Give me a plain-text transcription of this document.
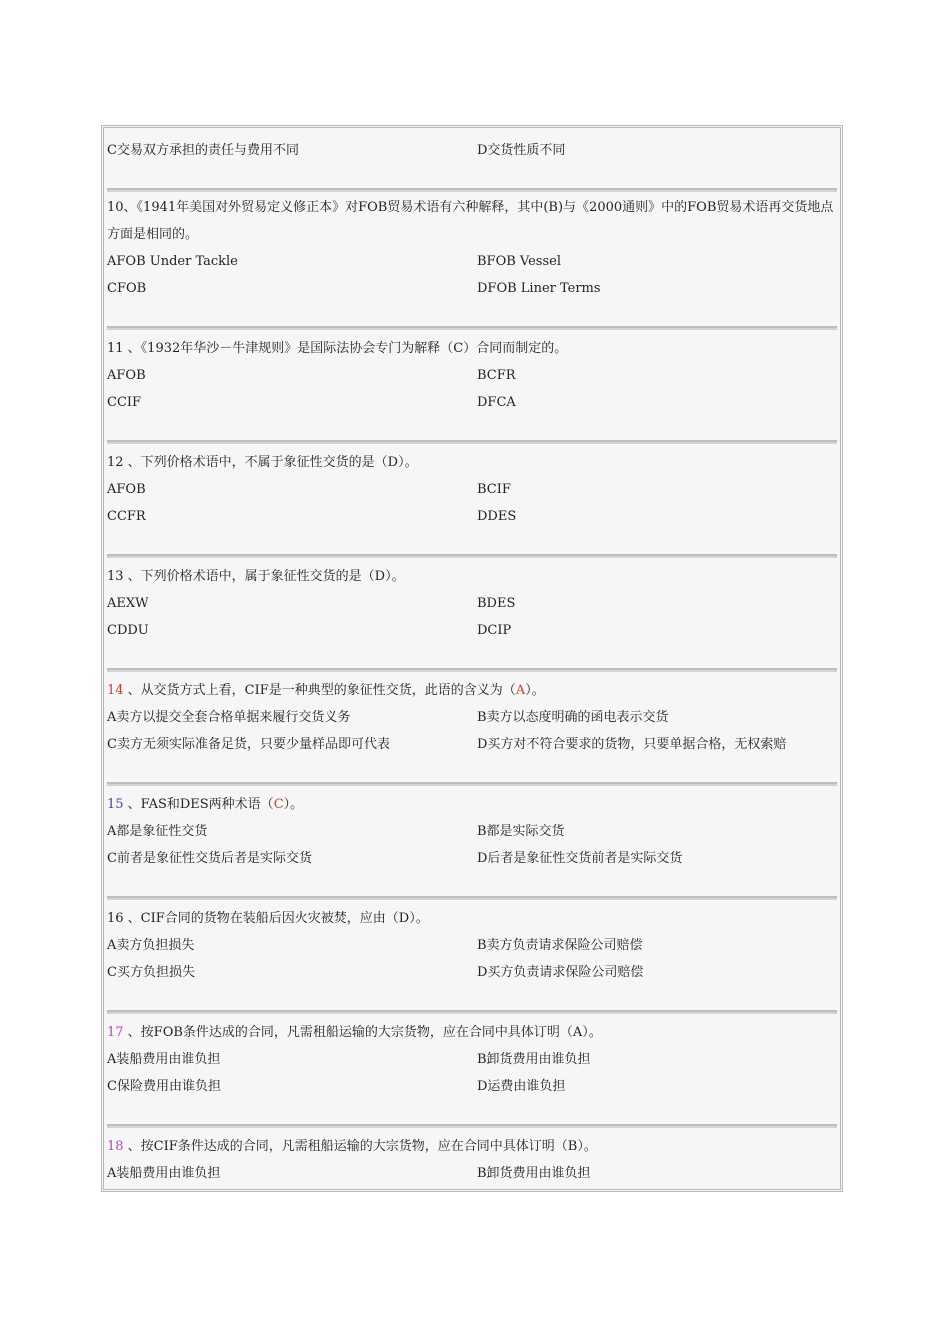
C交易双方承担的责任与费用不同	D交货性质不同
10、《1941年美国对外贸易定义修正本》对FOB贸易术语有六种解释，其中(B)与《2000通则》中的FOB贸易术语再交货地点方面是相同的。
AFOB Under Tackle	BFOB Vessel
CFOB	DFOB Liner Terms
11 、《1932年华沙－牛津规则》是国际法协会专门为解释（C）合同而制定的。
AFOB	BCFR
CCIF	DFCA
12 、下列价格术语中，不属于象征性交货的是（D）。
AFOB	BCIF
CCFR	DDES
13 、下列价格术语中，属于象征性交货的是（D）。
AEXW	BDES
CDDU	DCIP
14 、从交货方式上看，CIF是一种典型的象征性交货，此语的含义为（A）。
A卖方以提交全套合格单据来履行交货义务	B卖方以态度明确的函电表示交货
C卖方无须实际准备足货，只要少量样品即可代表	D买方对不符合要求的货物，只要单据合格，无权索赔
15 、FAS和DES两种术语（C）。
A都是象征性交货	B都是实际交货
C前者是象征性交货后者是实际交货	D后者是象征性交货前者是实际交货
16 、CIF合同的货物在装船后因火灾被焚，应由（D）。
A卖方负担损失	B卖方负责请求保险公司赔偿
C买方负担损失	D买方负责请求保险公司赔偿
17 、按FOB条件达成的合同，凡需租船运输的大宗货物，应在合同中具体订明（A）。
A装船费用由谁负担	B卸货费用由谁负担
C保险费用由谁负担	D运费由谁负担
18 、按CIF条件达成的合同，凡需租船运输的大宗货物，应在合同中具体订明（B）。
A装船费用由谁负担	B卸货费用由谁负担
